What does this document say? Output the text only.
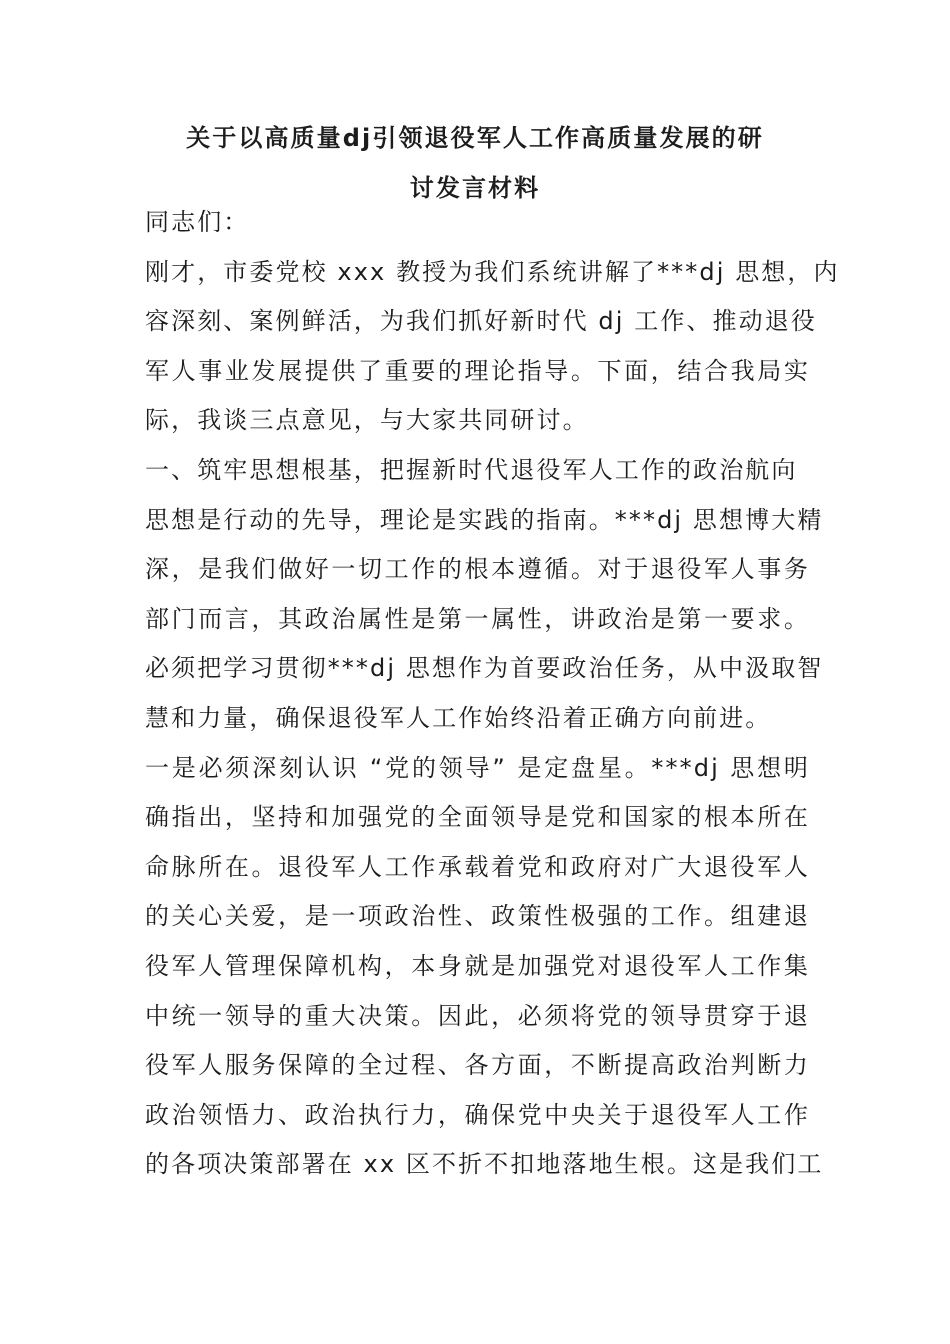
关于以高质量dj引领退役军人工作高质量发展的研
讨发言材料
同志们：
刚才，市委党校 xxx 教授为我们系统讲解了***dj 思想，内
容深刻、案例鲜活，为我们抓好新时代 dj 工作、推动退役
军人事业发展提供了重要的理论指导。下面，结合我局实
际，我谈三点意见，与大家共同研讨。
一、筑牢思想根基，把握新时代退役军人工作的政治航向
思想是行动的先导，理论是实践的指南。***dj 思想博大精
深，是我们做好一切工作的根本遵循。对于退役军人事务
部门而言，其政治属性是第一属性，讲政治是第一要求。
必须把学习贯彻***dj 思想作为首要政治任务，从中汲取智
慧和力量，确保退役军人工作始终沿着正确方向前进。
一是必须深刻认识 “党的领导” 是定盘星。***dj 思想明
确指出，坚持和加强党的全面领导是党和国家的根本所在
命脉所在。退役军人工作承载着党和政府对广大退役军人
的关心关爱，是一项政治性、政策性极强的工作。组建退
役军人管理保障机构，本身就是加强党对退役军人工作集
中统一领导的重大决策。因此，必须将党的领导贯穿于退
役军人服务保障的全过程、各方面，不断提高政治判断力
政治领悟力、政治执行力，确保党中央关于退役军人工作
的各项决策部署在 xx 区不折不扣地落地生根。这是我们工
